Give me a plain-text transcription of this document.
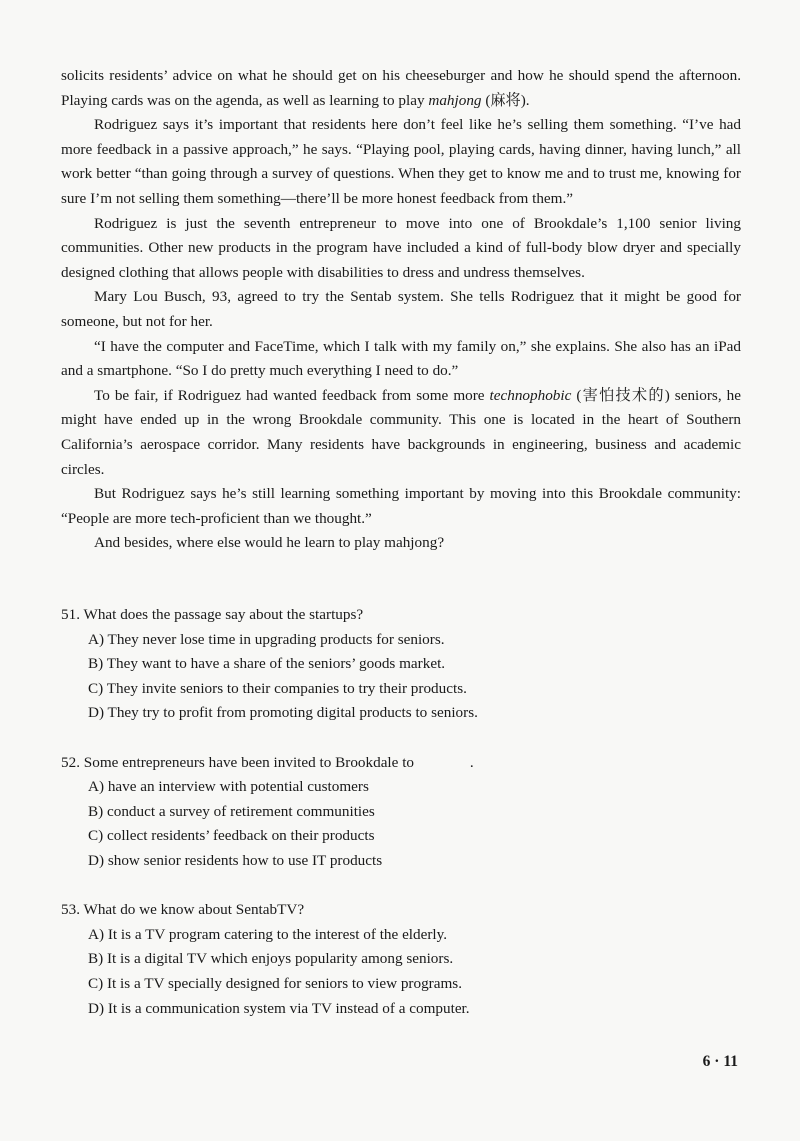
solicits residents’ advice on what he should get on his cheeseburger and how he should spend the afternoon. Playing cards was on the agenda, as well as learning to play mahjong (麻将).

Rodriguez says it’s important that residents here don’t feel like he’s selling them something. “I’ve had more feedback in a passive approach,” he says. “Playing pool, playing cards, having dinner, having lunch,” all work better “than going through a survey of questions. When they get to know me and to trust me, knowing for sure I’m not selling them something—there’ll be more honest feedback from them.”

Rodriguez is just the seventh entrepreneur to move into one of Brookdale’s 1,100 senior living communities. Other new products in the program have included a kind of full-body blow dryer and specially designed clothing that allows people with disabilities to dress and undress themselves.

Mary Lou Busch, 93, agreed to try the Sentab system. She tells Rodriguez that it might be good for someone, but not for her.

“I have the computer and FaceTime, which I talk with my family on,” she explains. She also has an iPad and a smartphone. “So I do pretty much everything I need to do.”

To be fair, if Rodriguez had wanted feedback from some more technophobic (害怕技术的) seniors, he might have ended up in the wrong Brookdale community. This one is located in the heart of Southern California’s aerospace corridor. Many residents have backgrounds in engineering, business and academic circles.

But Rodriguez says he’s still learning something important by moving into this Brookdale community: “People are more tech-proficient than we thought.”

And besides, where else would he learn to play mahjong?

51. What does the passage say about the startups?

A) They never lose time in upgrading products for seniors.

B) They want to have a share of the seniors’ goods market.

C) They invite seniors to their companies to try their products.

D) They try to profit from promoting digital products to seniors.

52. Some entrepreneurs have been invited to Brookdale to	.

A) have an interview with potential customers

B) conduct a survey of retirement communities

C) collect residents’ feedback on their products

D) show senior residents how to use IT products

53. What do we know about SentabTV?

A) It is a TV program catering to the interest of the elderly.

B) It is a digital TV which enjoys popularity among seniors.

C) It is a TV specially designed for seniors to view programs.

D) It is a communication system via TV instead of a computer.

6 · 11
